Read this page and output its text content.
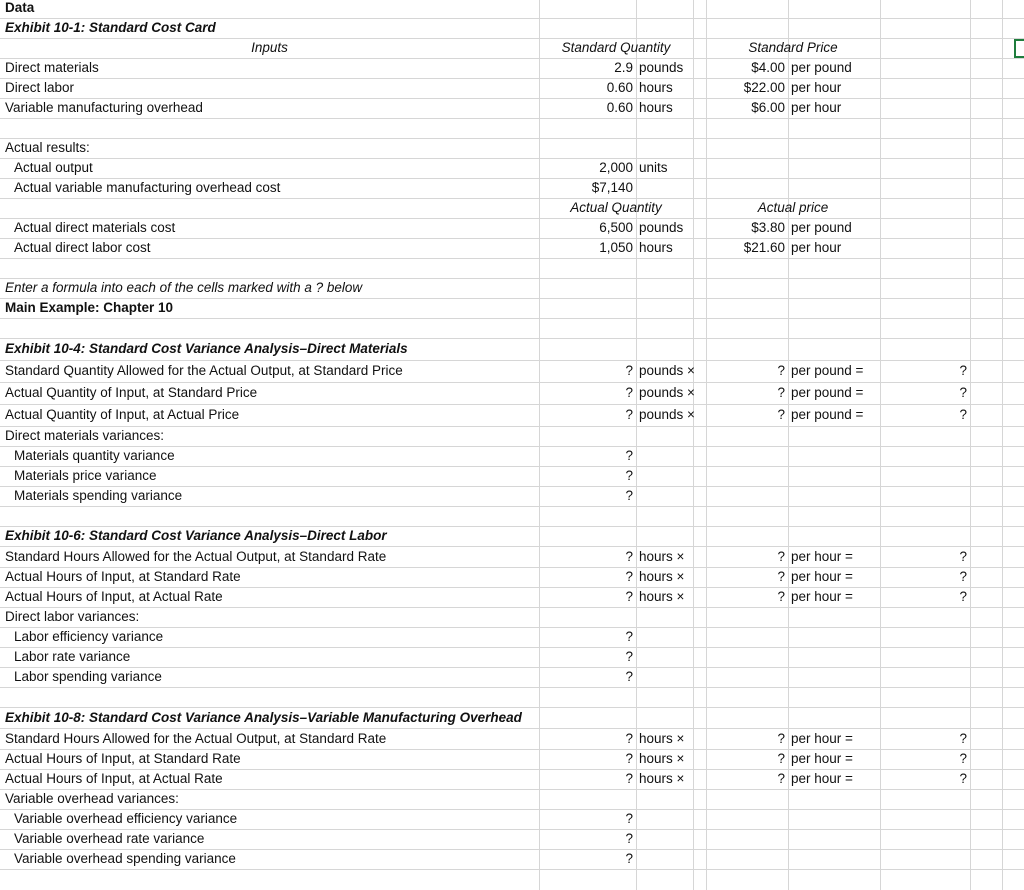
Data
Exhibit 10-1: Standard Cost Card
Inputs	Standard Quantity	Standard Price
Direct materials	2.9 pounds	$4.00 per pound
Direct labor	0.60 hours	$22.00 per hour
Variable manufacturing overhead	0.60 hours	$6.00 per hour
Actual results:
Actual output	2,000 units
Actual variable manufacturing overhead cost	$7,140
Actual Quantity	Actual price
Actual direct materials cost	6,500 pounds	$3.80 per pound
Actual direct labor cost	1,050 hours	$21.60 per hour
Enter a formula into each of the cells marked with a ? below
Main Example: Chapter 10
Exhibit 10-4: Standard Cost Variance Analysis–Direct Materials
Standard Quantity Allowed for the Actual Output, at Standard Price	? pounds ×	? per pound =	?
Actual Quantity of Input, at Standard Price	? pounds ×	? per pound =	?
Actual Quantity of Input, at Actual Price	? pounds ×	? per pound =	?
Direct materials variances:
Materials quantity variance	?
Materials price variance	?
Materials spending variance	?
Exhibit 10-6: Standard Cost Variance Analysis–Direct Labor
Standard Hours Allowed for the Actual Output, at Standard Rate	? hours ×	? per hour =	?
Actual Hours of Input, at Standard Rate	? hours ×	? per hour =	?
Actual Hours of Input, at Actual Rate	? hours ×	? per hour =	?
Direct labor variances:
Labor efficiency variance	?
Labor rate variance	?
Labor spending variance	?
Exhibit 10-8: Standard Cost Variance Analysis–Variable Manufacturing Overhead
Standard Hours Allowed for the Actual Output, at Standard Rate	? hours ×	? per hour =	?
Actual Hours of Input, at Standard Rate	? hours ×	? per hour =	?
Actual Hours of Input, at Actual Rate	? hours ×	? per hour =	?
Variable overhead variances:
Variable overhead efficiency variance	?
Variable overhead rate variance	?
Variable overhead spending variance	?
